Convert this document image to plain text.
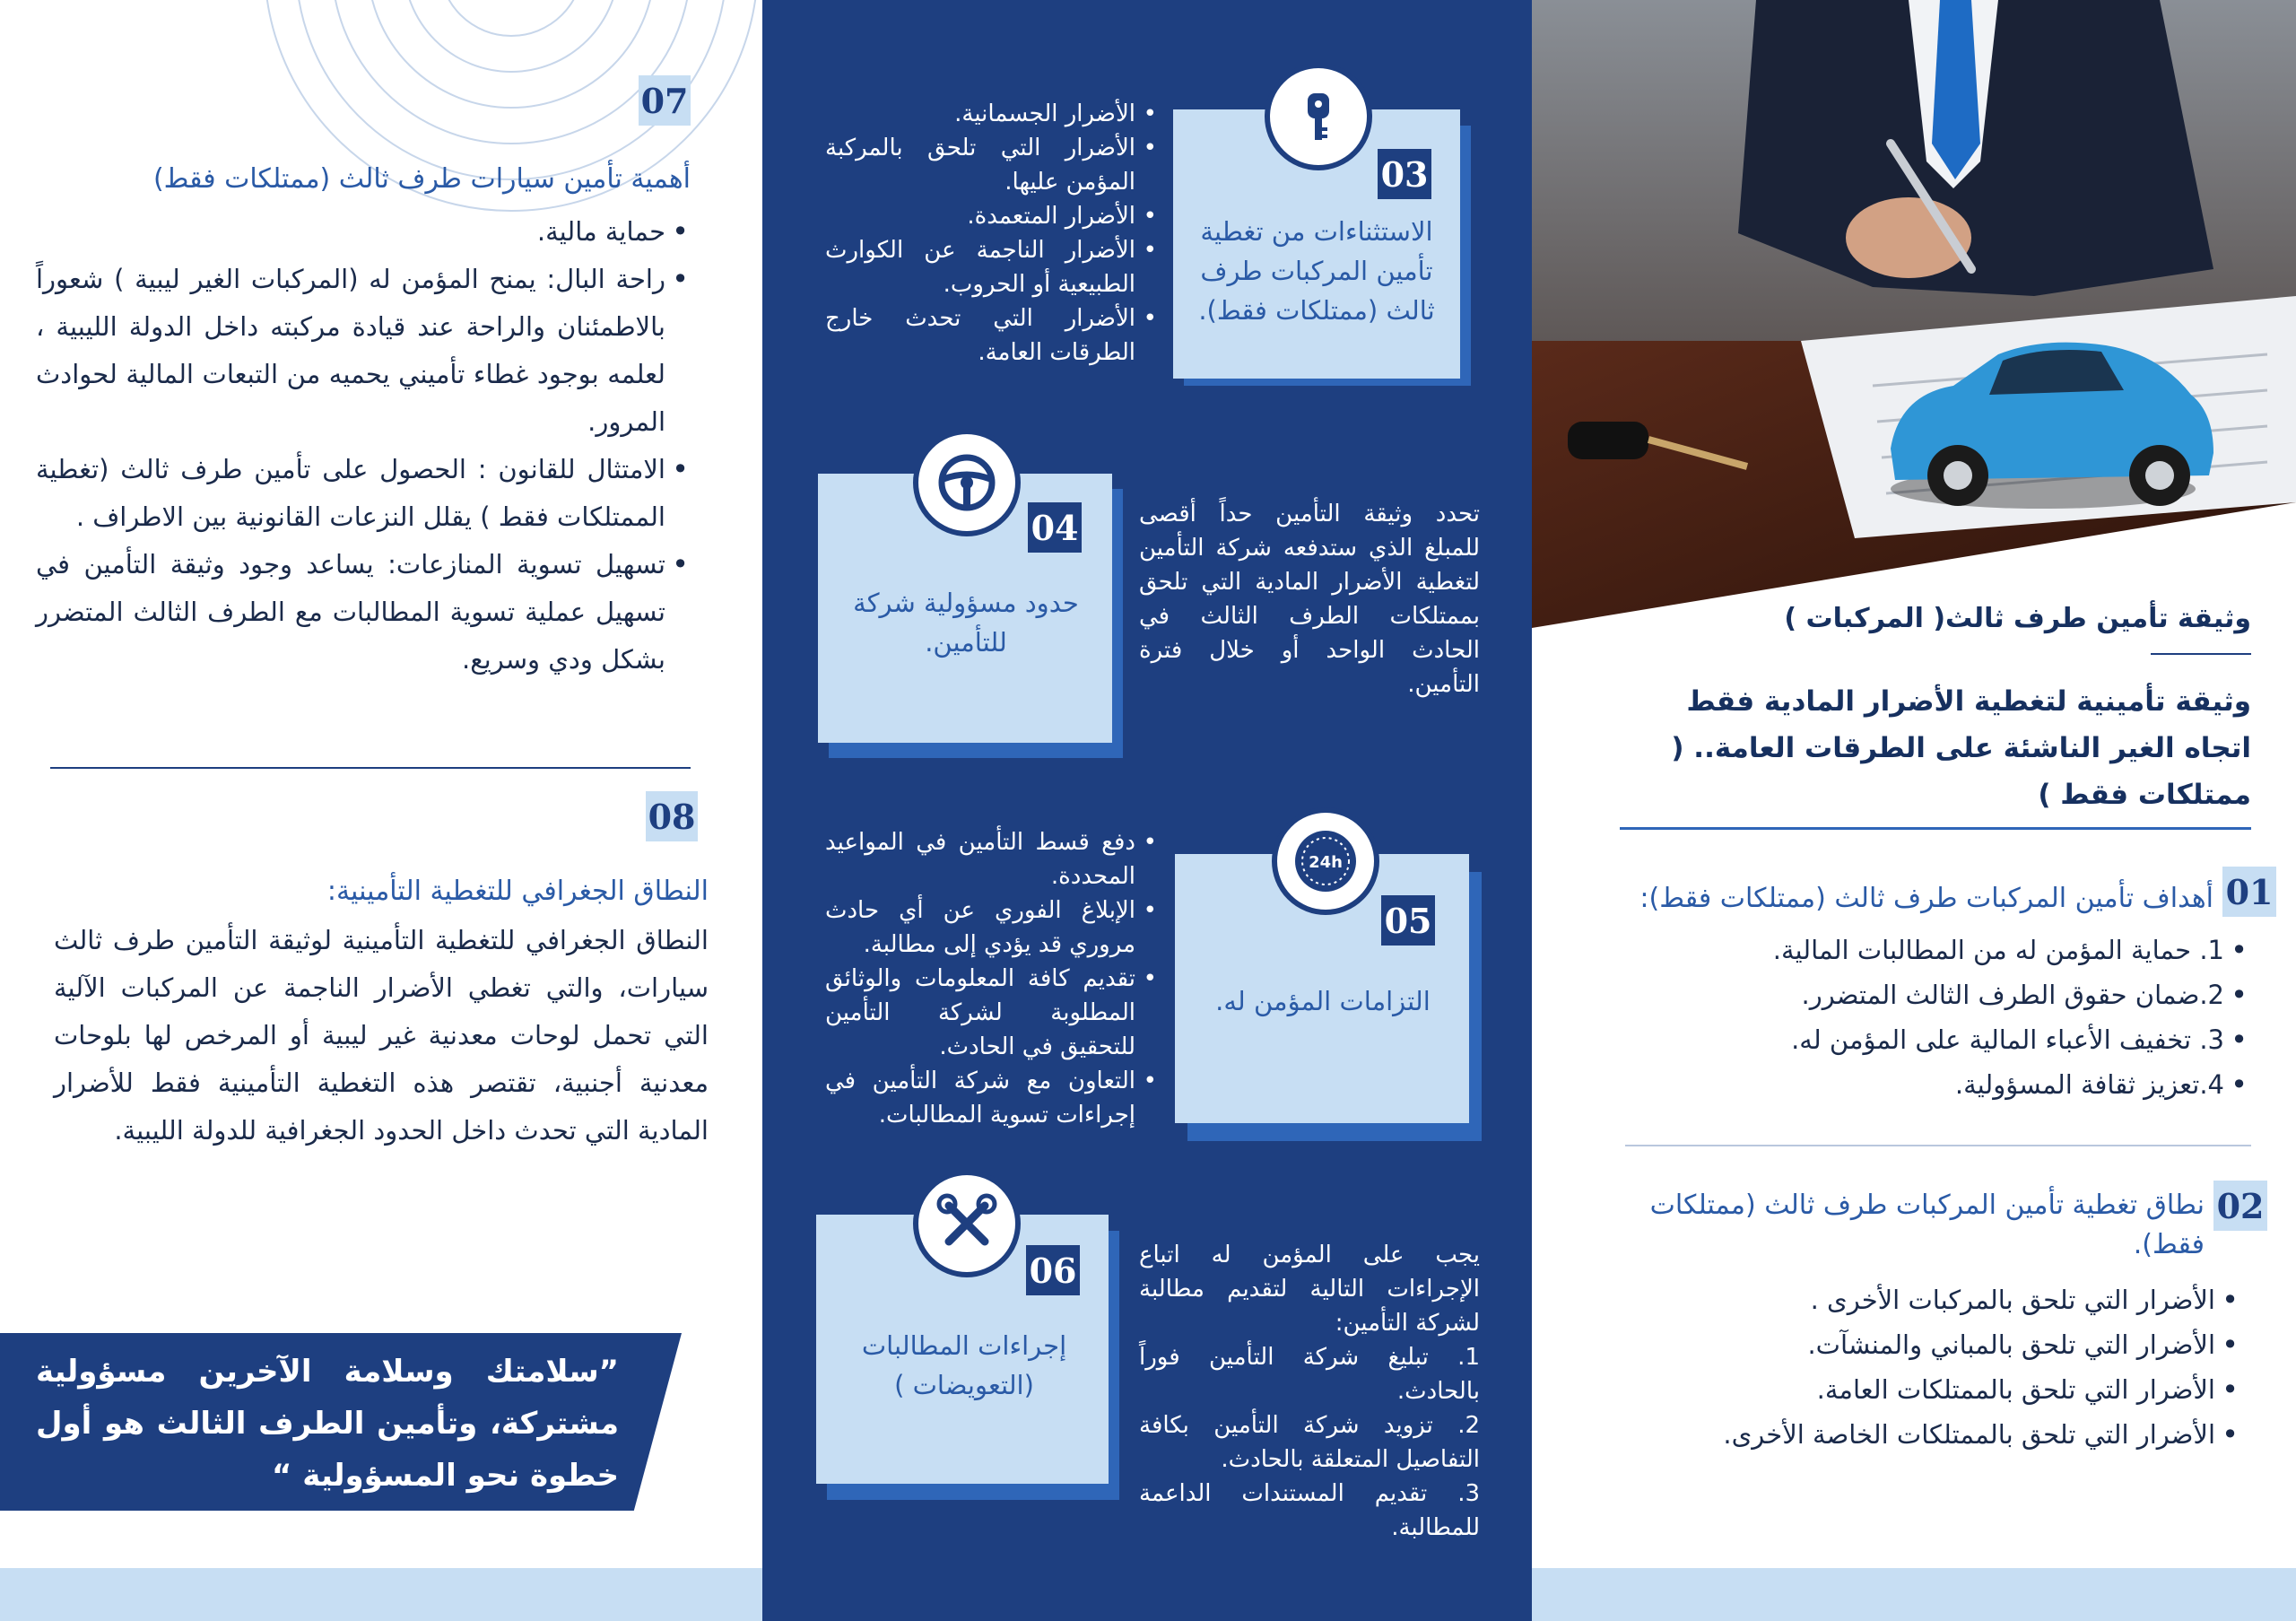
07
أهمية تأمين سيارات طرف ثالث (ممتلكات فقط)
• حماية مالية.
• راحة البال: يمنح المؤمن له (المركبات الغير ليبية ) شعوراً بالاطمئنان والراحة عند قيادة مركبته داخل الدولة الليبية ، لعلمه بوجود غطاء تأميني يحميه من التبعات المالية لحوادث المرور.
• الامتثال للقانون : الحصول على تأمين طرف ثالث (تغطية الممتلكات فقط ) يقلل النزعات القانونية بين الاطراف .
• تسهيل تسوية المنازعات: يساعد وجود وثيقة التأمين في تسهيل عملية تسوية المطالبات مع الطرف الثالث المتضرر بشكل ودي وسريع.
08
النطاق الجغرافي للتغطية التأمينية:
النطاق الجغرافي للتغطية التأمينية لوثيقة التأمين طرف ثالث سيارات، والتي تغطي الأضرار الناجمة عن المركبات الآلية التي تحمل لوحات معدنية غير ليبية أو المرخص لها بلوحات معدنية أجنبية، تقتصر هذه التغطية التأمينية فقط للأضرار المادية التي تحدث داخل الحدود الجغرافية للدولة الليبية.
”سلامتك وسلامة الآخرين مسؤولية مشتركة، وتأمين الطرف الثالث هو أول خطوة نحو المسؤولية “
03
الاستثناءات من تغطية تأمين المركبات طرف ثالث (ممتلكات فقط).
• الأضرار الجسمانية.
• الأضرار التي تلحق بالمركبة المؤمن عليها.
• الأضرار المتعمدة.
• الأضرار الناجمة عن الكوارث الطبيعية أو الحروب.
• الأضرار التي تحدث خارج الطرقات العامة.
04
حدود مسؤولية شركة للتأمين.
تحدد وثيقة التأمين حداً أقصى للمبلغ الذي ستدفعه شركة التأمين لتغطية الأضرار المادية التي تلحق بممتلكات الطرف الثالث في الحادث الواحد أو خلال فترة التأمين.
24h
05
التزامات المؤمن له.
• دفع قسط التأمين في المواعيد المحددة.
• الإبلاغ الفوري عن أي حادث مروري قد يؤدي إلى مطالبة.
• تقديم كافة المعلومات والوثائق المطلوبة لشركة التأمين للتحقيق في الحادث.
• التعاون مع شركة التأمين في إجراءات تسوية المطالبات.
06
إجراءات المطالبات (التعويضات )
يجب على المؤمن له اتباع الإجراءات التالية لتقديم مطالبة لشركة التأمين:
1. تبليغ شركة التأمين فوراً بالحادث.
2. تزويد شركة التأمين بكافة التفاصيل المتعلقة بالحادث.
3. تقديم المستندات الداعمة للمطالبة.
وثيقة تأمين طرف ثالث( المركبات )
وثيقة تأمينية لتغطية الأضرار المادية فقط اتجاه الغير الناشئة على الطرقات العامة.. ( ممتلكات فقط )
01
أهداف تأمين المركبات طرف ثالث (ممتلكات فقط):
• 1. حماية المؤمن له من المطالبات المالية.
• 2.ضمان حقوق الطرف الثالث المتضرر.
• 3. تخفيف الأعباء المالية على المؤمن له.
• 4.تعزيز ثقافة المسؤولية.
02
نطاق تغطية تأمين المركبات طرف ثالث (ممتلكات فقط).
• الأضرار التي تلحق بالمركبات الأخرى .
• الأضرار التي تلحق بالمباني والمنشآت.
• الأضرار التي تلحق بالممتلكات العامة.
• الأضرار التي تلحق بالممتلكات الخاصة الأخرى.
